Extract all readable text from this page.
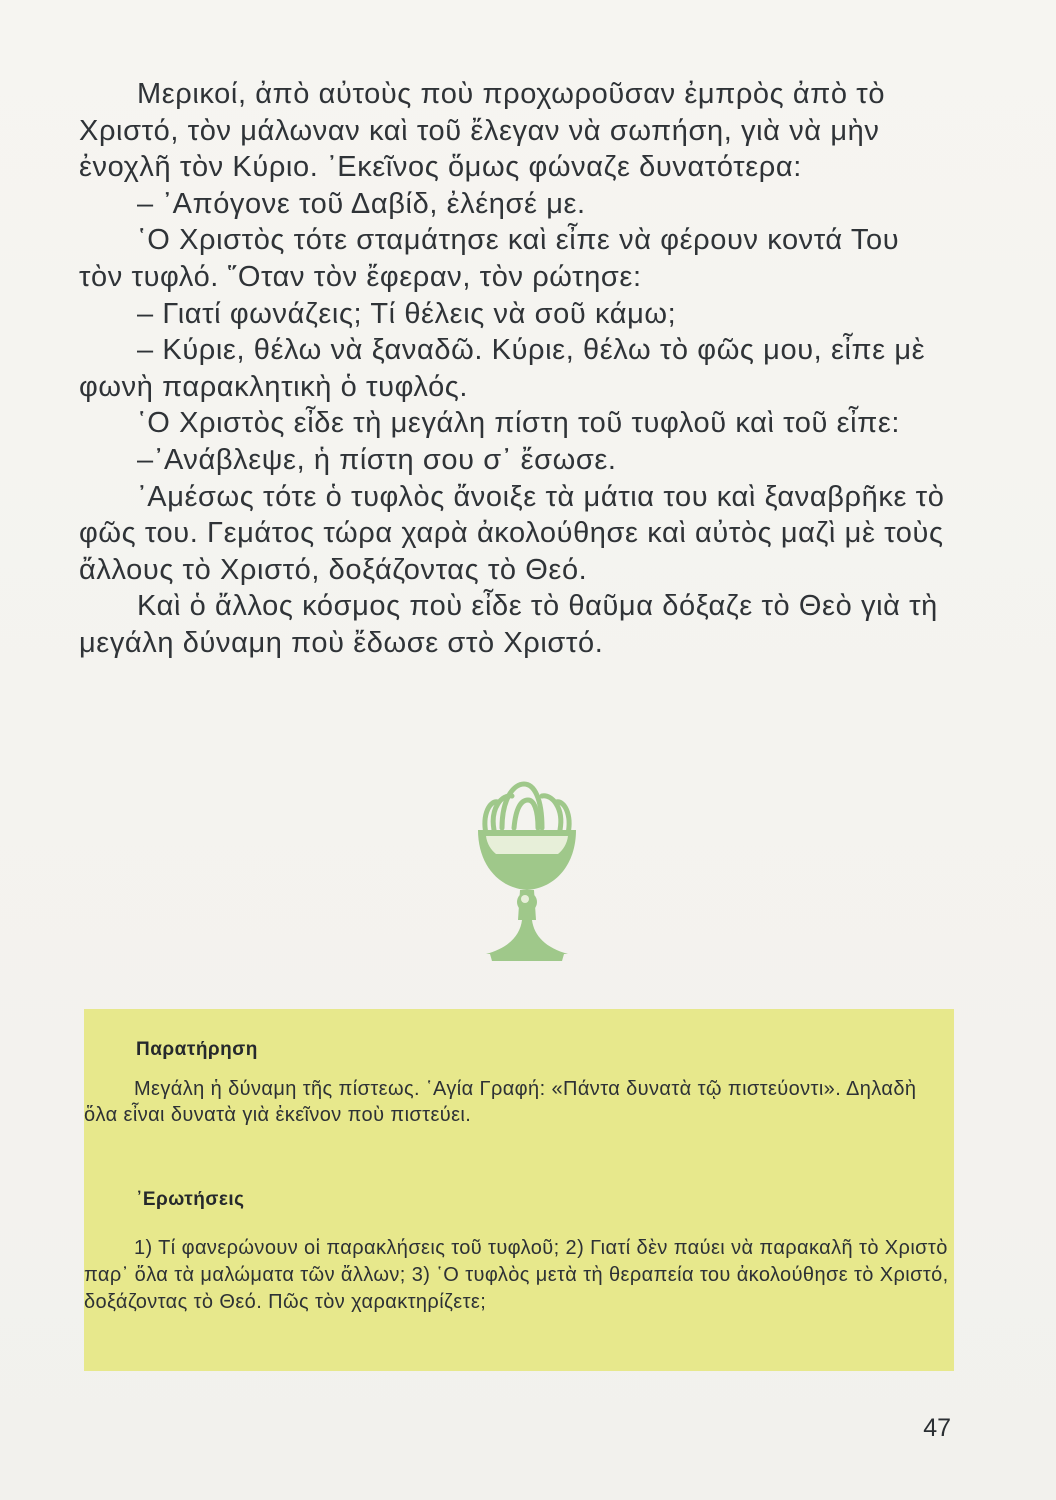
Μερικοί, ἀπὸ αὐτοὺς ποὺ προχωροῦσαν ἐμπρὸς ἀπὸ τὸ Χριστό, τὸν μάλωναν καὶ τοῦ ἔλεγαν νὰ σωπήση, γιὰ νὰ μὴν ἐνοχλῆ τὸν Κύριο. ᾿Εκεῖνος ὅμως φώναζε δυνατότερα:

– ᾿Απόγονε τοῦ Δαβίδ, ἐλέησέ με.

῾Ο Χριστὸς τότε σταμάτησε καὶ εἶπε νὰ φέρουν κοντά Του τὸν τυφλό. ῞Οταν τὸν ἔφεραν, τὸν ρώτησε:

– Γιατί φωνάζεις; Τί θέλεις νὰ σοῦ κάμω;

– Κύριε, θέλω νὰ ξαναδῶ. Κύριε, θέλω τὸ φῶς μου, εἶπε μὲ φωνὴ παρακλητικὴ ὁ τυφλός.

῾Ο Χριστὸς εἶδε τὴ μεγάλη πίστη τοῦ τυφλοῦ καὶ τοῦ εἶπε:

–᾿Ανάβλεψε, ἡ πίστη σου σ᾿ ἔσωσε.

᾿Αμέσως τότε ὁ τυφλὸς ἄνοιξε τὰ μάτια του καὶ ξαναβρῆκε τὸ φῶς του. Γεμάτος τώρα χαρὰ ἀκολούθησε καὶ αὐτὸς μαζὶ μὲ τοὺς ἄλλους τὸ Χριστό, δοξάζοντας τὸ Θεό.

Καὶ ὁ ἄλλος κόσμος ποὺ εἶδε τὸ θαῦμα δόξαζε τὸ Θεὸ γιὰ τὴ μεγάλη δύναμη ποὺ ἔδωσε στὸ Χριστό.

Παρατήρηση

Μεγάλη ἡ δύναμη τῆς πίστεως. ῾Αγία Γραφή: «Πάντα δυνατὰ τῷ πιστεύοντι». Δηλαδὴ ὅλα εἶναι δυνατὰ γιὰ ἐκεῖνον ποὺ πιστεύει.

᾿Ερωτήσεις

1) Τί φανερώνουν οἱ παρακλήσεις τοῦ τυφλοῦ; 2) Γιατί δὲν παύει νὰ παρακαλῆ τὸ Χριστὸ παρ᾿ ὅλα τὰ μαλώματα τῶν ἄλλων; 3) ῾Ο τυφλὸς μετὰ τὴ θεραπεία του ἀκολούθησε τὸ Χριστό, δοξάζοντας τὸ Θεό. Πῶς τὸν χαρακτηρίζετε;

47
